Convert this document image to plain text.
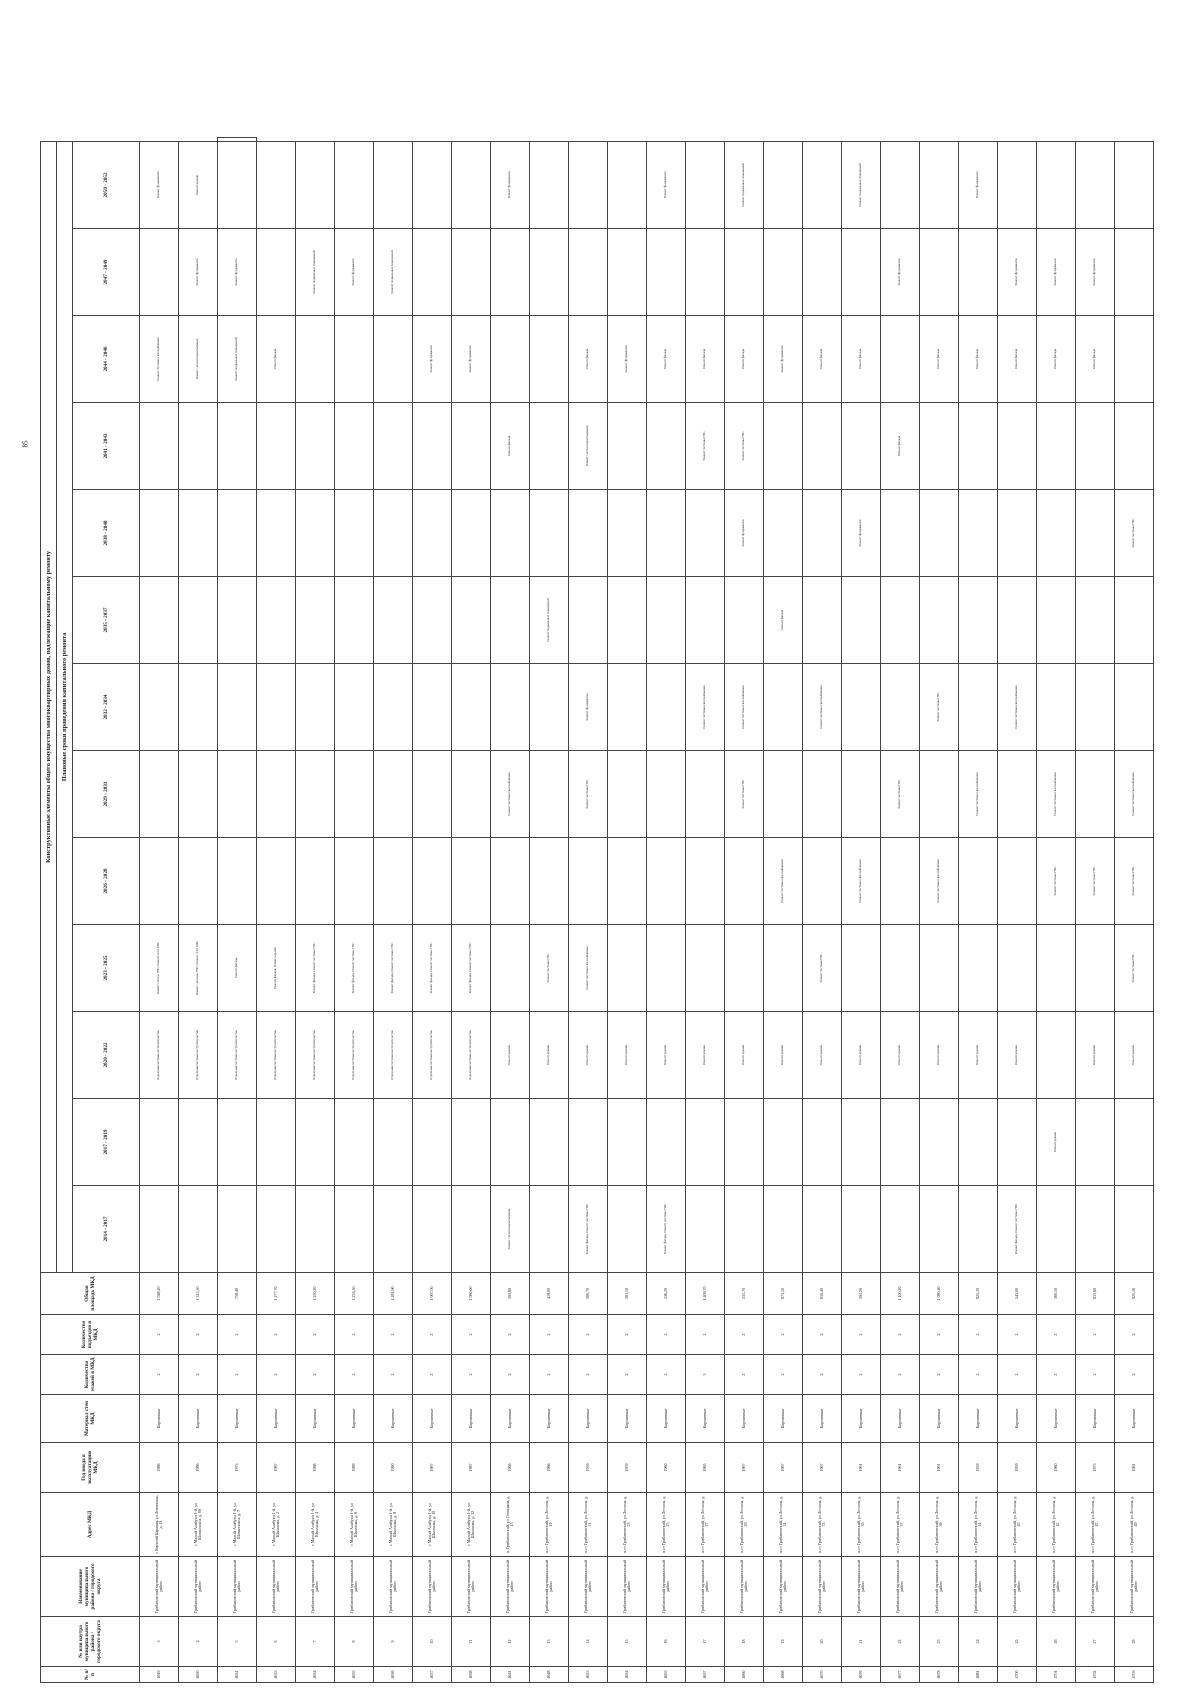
85
№ п/п	№ или наутра муниципального района / городского округа	Наименование муниципального района / городского округа	Адрес МКД	Год ввода в эксплуатацию МКД	Материал стен МКД	Количество этажей в МКД	Количество подъездов в МКД	Общая площадь МКД	Конструктивные элементы общего имущества многоквартирных домов, подлежащие капитальному ремонту													
									Плановые сроки проведения капитального ремонта													
									2014 - 2017	2017 - 2019	2020 - 2022	2023 - 2025	2026 - 2028	2029 - 2031	2032 - 2034	2035 - 2037	2038 - 2040	2041 - 2043	2044 - 2046	2047 - 2049	2050 - 2052	
4616	3	Грибановский муниципальный район	с Верхний Карачан, ул Ленинская, д. 41	1986	Кирпичные	2	2	1 048,20			Отдельная система на строительство	Ремонт систем ГВС, Ремонт сети ХВС							Ремонт системы газоснабжения		Ремонт фундамента	
4630	4	Грибановский муниципальный район	с Малый Алабухи 1-й, ул Шовкопляса, д. 69	1986	Кирпичные	2	2	1 315,30			Отдельная система на строительство	Ремонт системы ГВС, Ремонт сети ХВС							Ремонт систем водоотведения	Ремонт фундамента	Ремонт крыши	
4631	5	Грибановский муниципальный район	с Малый Алабухи 1-й, ул Шовкопляса, д. 7	1973	Кирпичные	2	2	758,40			Отдельная система на строительство	Ремонт фасада							Ремонт подвальных помещений	Ремонт фундамента		
4633	6	Грибановский муниципальный район	с Малый Алабухи 1-й, ул Школьная, д. 2	1987	Кирпичные	2	2	1 277,70			Отдельная система на строительство	Ремонт фасада, Ремонт крыши							Ремонт фасада			
4634	7	Грибановский муниципальный район	с Малый Алабухи 1-й, ул Школьная, д. 4	1988	Кирпичные	2	2	1 250,20			Отдельная система на строительство	Ремонт фасада, Ремонт системы ГВС								Ремонт подвальных помещений		
4635	8	Грибановский муниципальный район	с Малый Алабухи 1-й, ул Школьная, д. 6	1989	Кирпичные	2	2	1 253,50			Отдельная система на строительство	Ремонт фасада, Ремонт системы ГВС								Ремонт фундамента		
4636	9	Грибановский муниципальный район	с Малый Алабухи 1-й, ул Школьная, д. 8	1990	Кирпичные	2	2	1 281,90			Отдельная система на строительство	Ремонт фасада, Ремонт системы ГВС								Ремонт подвальных помещений		
4637	10	Грибановский муниципальный район	с Малый Алабухи 1-й, ул Школьная, д. 10	1987	Кирпичные	2	2	1 067,00			Отдельная система на строительство	Ремонт фасада, Ремонт системы ГВС							Ремонт фундамента			
4638	11	Грибановский муниципальный район	с Малый Алабухи 1-й, ул Школьная, д. 12	1987	Кирпичные	2	2	1 080,00			Отдельная система на строительство	Ремонт фасада, Ремонт системы ГВС							Ремонт фундамента			
4641	12	Грибановский муниципальный район	п. Грибановский, ул Сеницына, д. 15	1966	Кирпичные	2	2	395,80	Ремонт систем водоотведения		Ремонт крыши			Ремонт системы газоснабжения				Ремонт фасада			Ремонт фундамента	
4648	13	Грибановский муниципальный район	п.г.т Грибановский, ул Лесхоза, д. 19	1966	Кирпичные	2	2	419,00			Ремонт крыши	Ремонт системы ГВС				Ремонт подвальных помещений						
4653	14	Грибановский муниципальный район	п.г.т Грибановский, ул Лесхоза, д. 21	1959	Кирпичные	2	2	580,70	Ремонт фасада, Ремонт системы ГВС		Ремонт крыши	Ремонт системы газоснабжения		Ремонт системы ГВС	Ремонт фундамента			Ремонт систем водоотведения	Ремонт фасада			
4654	15	Грибановский муниципальный район	п.г.т Грибановский, ул Лесхоза, д. 23	1959	Кирпичные	2	2	583,10			Ремонт крыши								Ремонт фундамента			
4655	16	Грибановский муниципальный район	п.г.т Грибановский, ул Лесхоза, д. 25	1960	Кирпичные	2	2	536,20	Ремонт фасада, Ремонт системы ГВС		Ремонт крыши								Ремонт фасада		Ремонт фундамента	
4657	17	Грибановский муниципальный район	п.г.т Грибановский, ул Лесхоза, д. 27	1965	Кирпичные	3	2	1 409,70			Ремонт крыши				Ремонт системы газоснабжения			Ремонт системы ГВС	Ремонт фасада			
4660	18	Грибановский муниципальный район	п.г.т Грибановский, ул Лесхоза, д. 29	1967	Кирпичные	2	2	531,70			Ремонт крыши			Ремонт системы ГВС	Ремонт системы газоснабжения		Ремонт фундамента	Ремонт системы ГВС	Ремонт фасада		Ремонт подвальных помещений	
4668	19	Грибановский муниципальный район	п.г.т Грибановский, ул Лесхоза, д. 31	1967	Кирпичные	2	2	673,10			Ремонт крыши		Ремонт системы газоснабжения			Ремонт фасада			Ремонт фундамента			
4670	20	Грибановский муниципальный район	п.г.т Грибановский, ул Лесхоза, д. 33	1967	Кирпичные	2	2	610,40			Ремонт крыши	Ремонт системы ГВС			Ремонт системы газоснабжения				Ремонт фасада			
4676	21	Грибановский муниципальный район	п.г.т Грибановский, ул Лесхоза, д. 35	1961	Кирпичные	2	2	591,20			Ремонт крыши		Ремонт системы газоснабжения				Ремонт фундамента		Ремонт фасада		Ремонт подвальных помещений	
4677	22	Грибановский муниципальный район	п.г.т Грибановский, ул Лесхоза, д. 37	1961	Кирпичные	2	2	1 100,20			Ремонт крыши			Ремонт системы ГВС				Ремонт фасада		Ремонт фундамента		
4678	23	Грибановский муниципальный район	п.г.т Грибановский, ул Лесхоза, д. 39	1961	Кирпичные	2	2	1 080,40			Ремонт крыши		Ремонт системы газоснабжения		Ремонт системы ГВС				Ремонт фасада			
4681	24	Грибановский муниципальный район	п.г.т Грибановский, ул Лесхоза, д. 41	1959	Кирпичные	2	2	825,10			Ремонт крыши			Ремонт системы газоснабжения					Ремонт фасада		Ремонт фундамента	
4700	25	Грибановский муниципальный район	п.г.т Грибановский, ул Лесхоза, д. 43	1959	Кирпичные	2	2	543,00	Ремонт фасада, Ремонт системы ГВС		Ремонт крыши				Ремонт системы газоснабжения				Ремонт фасада	Ремонт фундамента		
4701	26	Грибановский муниципальный район	п.г.т Грибановский, ул Лесхоза, д. 45	1960	Кирпичные	2	2	560,10		Ремонт крыши			Ремонт системы ГВС	Ремонт системы газоснабжения					Ремонт фасада	Ремонт фундамента		
4702	27	Грибановский муниципальный район	п.г.т Грибановский, ул Лесхоза, д. 47	1975	Кирпичные	2	2	833,60			Ремонт крыши		Ремонт системы ГВС						Ремонт фасада	Ремонт фундамента		
4703	28	Грибановский муниципальный район	п.г.т Грибановский, ул Лесхоза, д. 49	1981	Кирпичные	2	2	825,10			Ремонт крыши	Ремонт системы ГВС	Ремонт системы ГВС	Ремонт системы газоснабжения			Ремонт системы ГВС					
